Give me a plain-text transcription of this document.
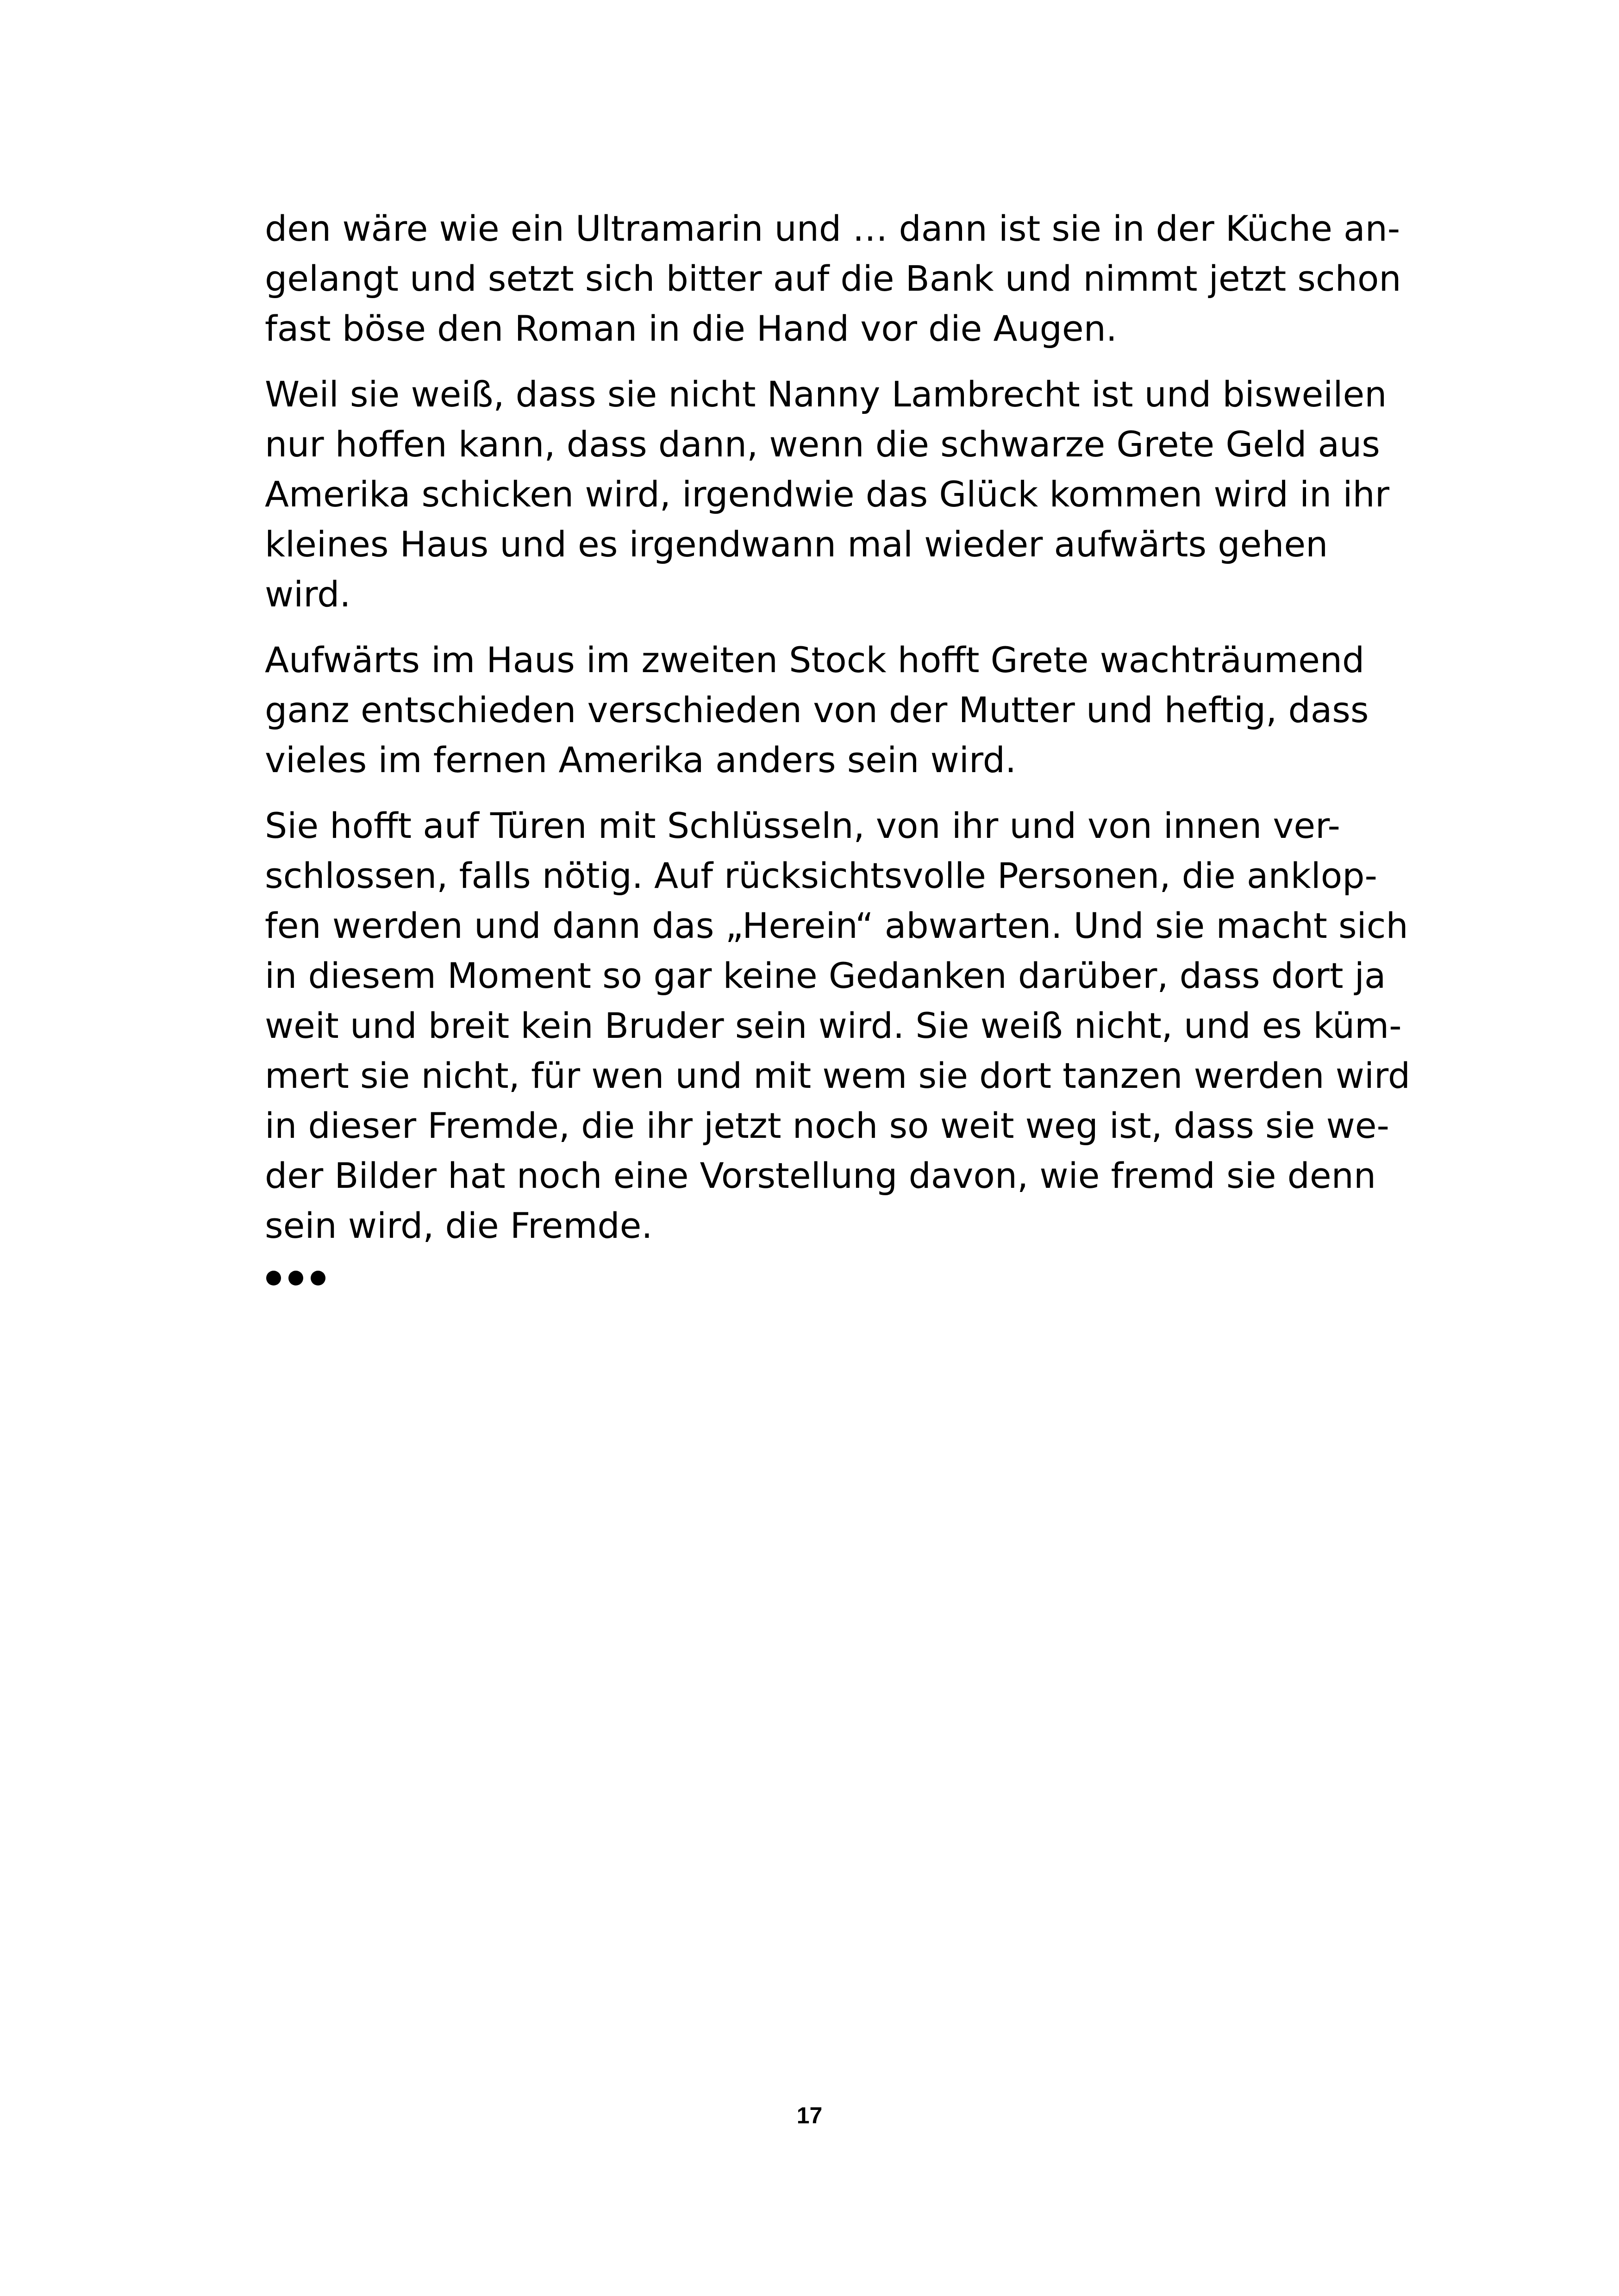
den wäre wie ein Ultramarin und … dann ist sie in der Küche an-
gelangt und setzt sich bitter auf die Bank und nimmt jetzt schon
fast böse den Roman in die Hand vor die Augen.
Weil sie weiß, dass sie nicht Nanny Lambrecht ist und bisweilen
nur hoffen kann, dass dann, wenn die schwarze Grete Geld aus
Amerika schicken wird, irgendwie das Glück kommen wird in ihr
kleines Haus und es irgendwann mal wieder aufwärts gehen
wird.
Aufwärts im Haus im zweiten Stock hofft Grete wachträumend
ganz entschieden verschieden von der Mutter und heftig, dass
vieles im fernen Amerika anders sein wird.
Sie hofft auf Türen mit Schlüsseln, von ihr und von innen ver-
schlossen, falls nötig. Auf rücksichtsvolle Personen, die anklop-
fen werden und dann das „Herein“ abwarten. Und sie macht sich
in diesem Moment so gar keine Gedanken darüber, dass dort ja
weit und breit kein Bruder sein wird. Sie weiß nicht, und es küm-
mert sie nicht, für wen und mit wem sie dort tanzen werden wird
in dieser Fremde, die ihr jetzt noch so weit weg ist, dass sie we-
der Bilder hat noch eine Vorstellung davon, wie fremd sie denn
sein wird, die Fremde.
17
